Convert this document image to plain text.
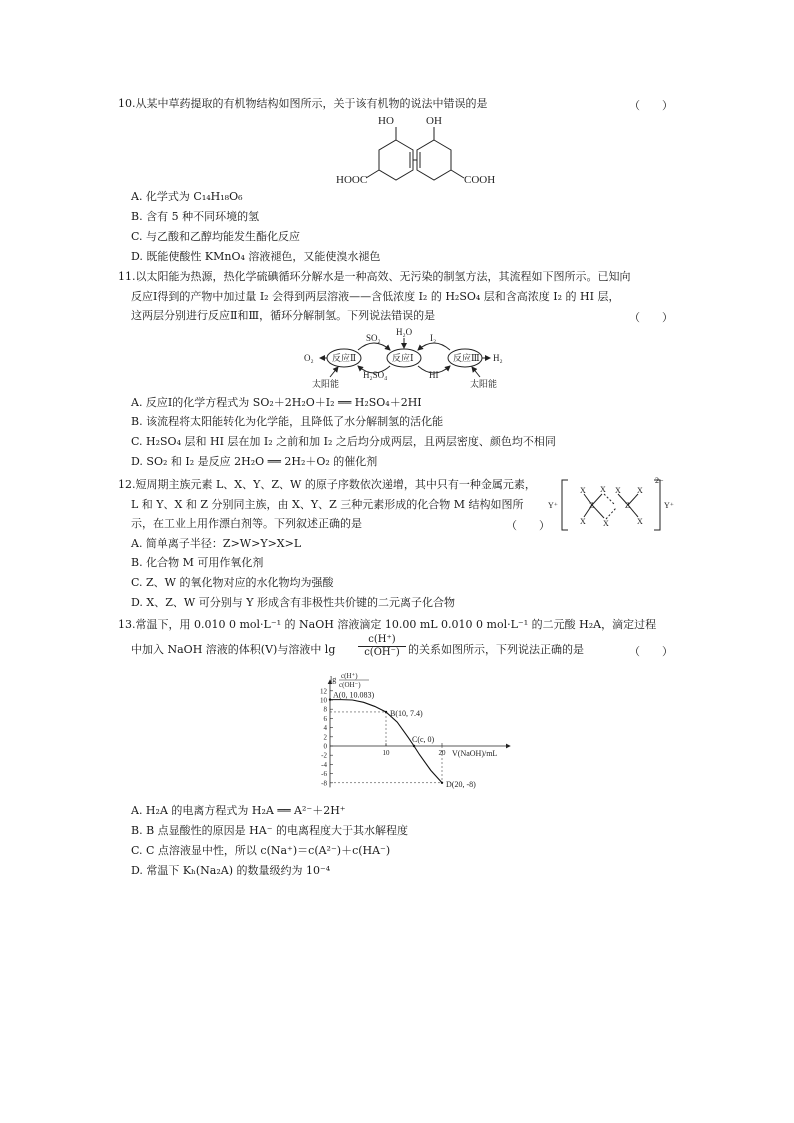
10.从某中草药提取的有机物结构如图所示，关于该有机物的说法中错误的是	（　　）
HO	OH
HOOC	COOH
A. 化学式为 C₁₄H₁₈O₆
B. 含有 5 种不同环境的氢
C. 与乙酸和乙醇均能发生酯化反应
D. 既能使酸性 KMnO₄ 溶液褪色，又能使溴水褪色
11.以太阳能为热源，热化学硫碘循环分解水是一种高效、无污染的制氢方法，其流程如下图所示。已知向
反应Ⅰ得到的产物中加过量 I₂ 会得到两层溶液——含低浓度 I₂ 的 H₂SO₄ 层和含高浓度 I₂ 的 HI 层，
这两层分别进行反应Ⅱ和Ⅲ，循环分解制氢。下列说法错误的是	（　　）
反应Ⅱ	反应Ⅰ	反应Ⅲ
O₂	H₂
SO₂
H₂O
I₂
H₂SO₄	HI
太阳能	太阳能
A. 反应Ⅰ的化学方程式为 SO₂＋2H₂O＋I₂ ══ H₂SO₄＋2HI
B. 该流程将太阳能转化为化学能，且降低了水分解制氢的活化能
C. H₂SO₄ 层和 HI 层在加 I₂ 之前和加 I₂ 之后均分成两层，且两层密度、颜色均不相同
D. SO₂ 和 I₂ 是反应 2H₂O ══ 2H₂＋O₂ 的催化剂
12.短周期主族元素 L、X、Y、Z、W 的原子序数依次递增，其中只有一种金属元素，
L 和 Y、X 和 Z 分别同主族，由 X、Y、Z 三种元素形成的化合物 M 结构如图所
示，在工业上用作漂白剂等。下列叙述正确的是	（　　）
Y⁺	Y⁺
2−
Z	Z
X X
X X
X X
X
A. 简单离子半径：Z>W>Y>X>L
B. 化合物 M 可用作氧化剂
C. Z、W 的氧化物对应的水化物均为强酸
D. X、Z、W 可分别与 Y 形成含有非极性共价键的二元离子化合物
13.常温下，用 0.010 0 mol·L⁻¹ 的 NaOH 溶液滴定 10.00 mL 0.010 0 mol·L⁻¹ 的二元酸 H₂A，滴定过程
中加入 NaOH 溶液的体积(V)与溶液中 $\lg \frac{c(H^+)}{c(OH^-)}$ 的关系如图所示，下列说法正确的是	（　　）
lg c(H⁺)
c(OH⁻)
V(NaOH)/mL
12
10
8
6
4
2
0
-2
-4
-6
-8
10	20
A(0, 10.083)
B(10, 7.4)
C(c, 0)
D(20, -8)
A. H₂A 的电离方程式为 H₂A ══ A²⁻＋2H⁺
B. B 点显酸性的原因是 HA⁻ 的电离程度大于其水解程度
C. C 点溶液显中性，所以 c(Na⁺)＝c(A²⁻)＋c(HA⁻)
D. 常温下 Kₕ(Na₂A) 的数量级约为 10⁻⁴
